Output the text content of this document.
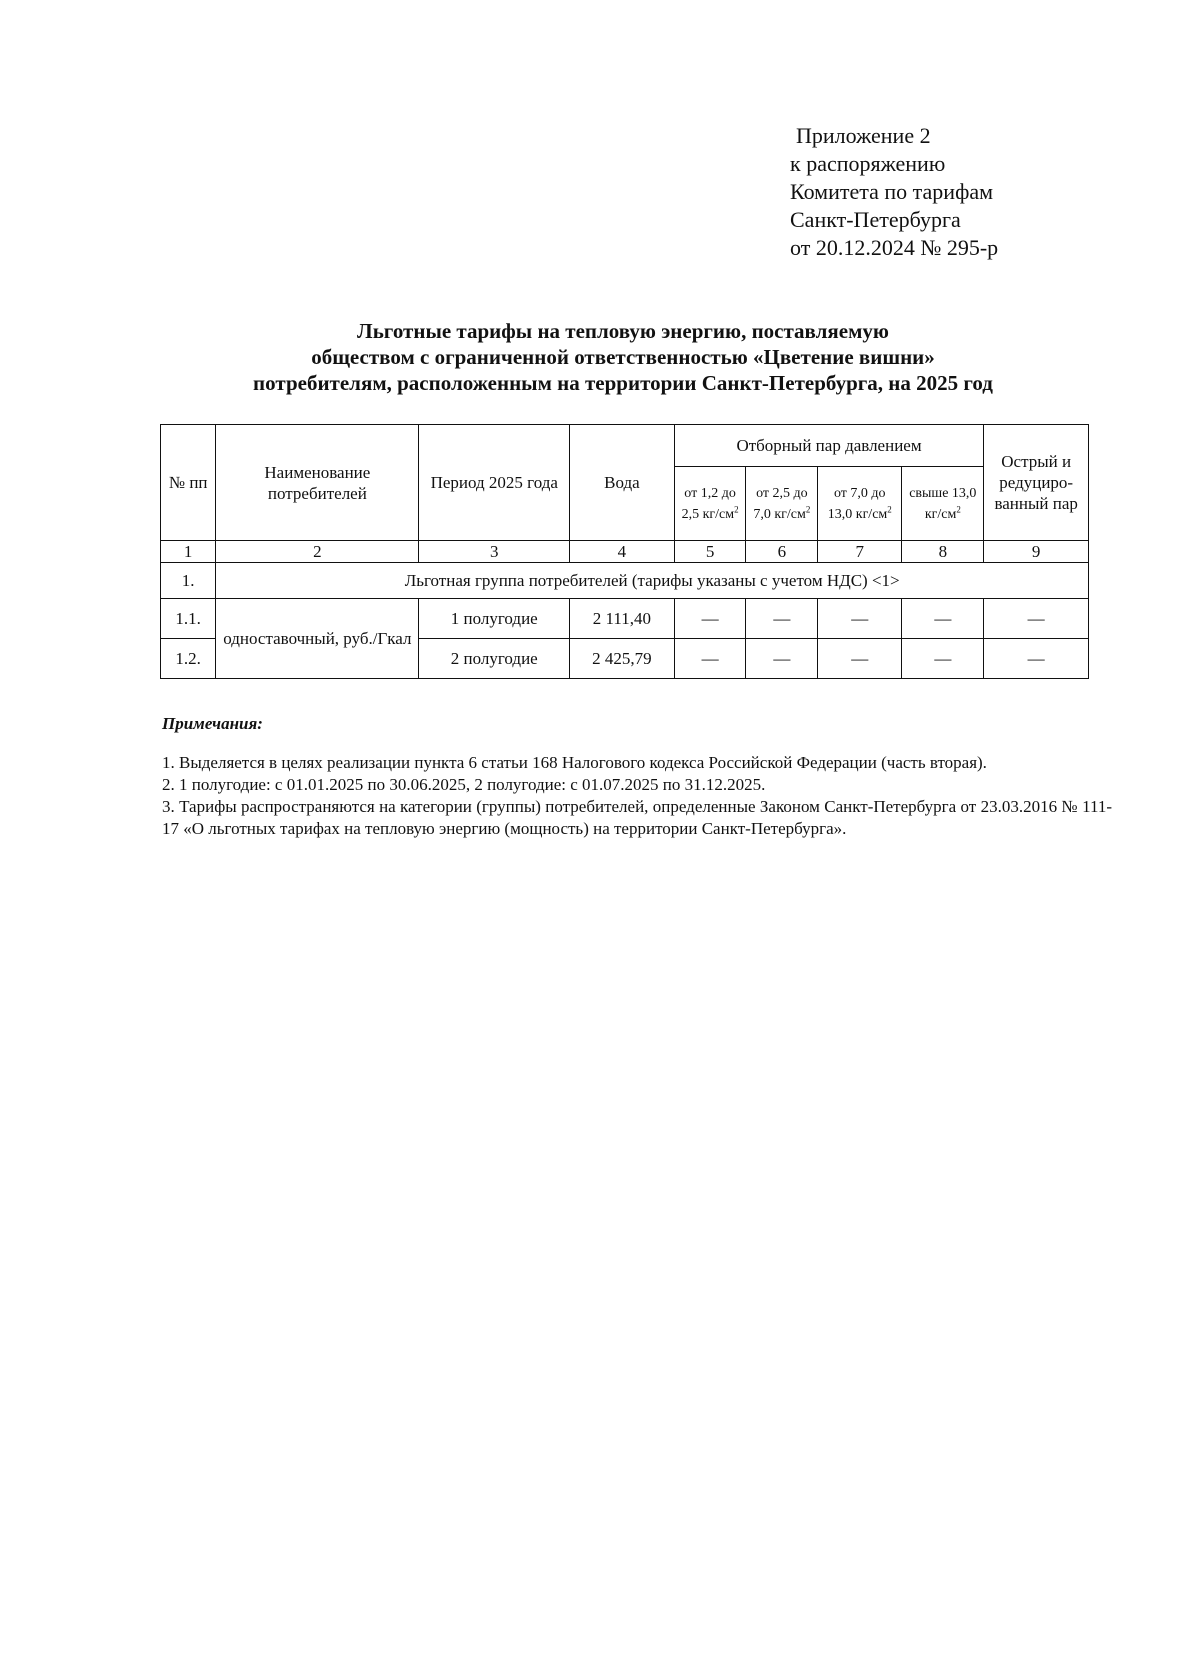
Приложение 2
к распоряжению
Комитета по тарифам
Санкт-Петербурга
от 20.12.2024 № 295-р
Льготные тарифы на тепловую энергию, поставляемую
обществом с ограниченной ответственностью «Цветение вишни»
потребителям, расположенным на территории Санкт-Петербурга, на 2025 год
№ пп	Наименование потребителей	Период 2025 года	Вода	Отборный пар давлением				Острый и редуциро-ванный пар
				от 1,2 до 2,5 $кг/см^2$	от 2,5 до 7,0 $кг/см^2$	от 7,0 до 13,0 $кг/см^2$	свыше 13,0 $кг/см^2$
1	2	3	4	5	6	7	8	9
1.	Льготная группа потребителей (тарифы указаны с учетом НДС) <1>							
1.1.	одноставочный, руб./Гкал	1 полугодие	2 111,40	—	—	—	—	—
1.2.		2 полугодие	2 425,79	—	—	—	—	—
Примечания:
1. Выделяется в целях реализации пункта 6 статьи 168 Налогового кодекса Российской Федерации (часть вторая).
2. 1 полугодие: с 01.01.2025 по 30.06.2025, 2 полугодие: с 01.07.2025 по 31.12.2025.
3. Тарифы распространяются на категории (группы) потребителей, определенные Законом Санкт-Петербурга от 23.03.2016 № 111-17 «О льготных тарифах на тепловую энергию (мощность) на территории Санкт-Петербурга».
